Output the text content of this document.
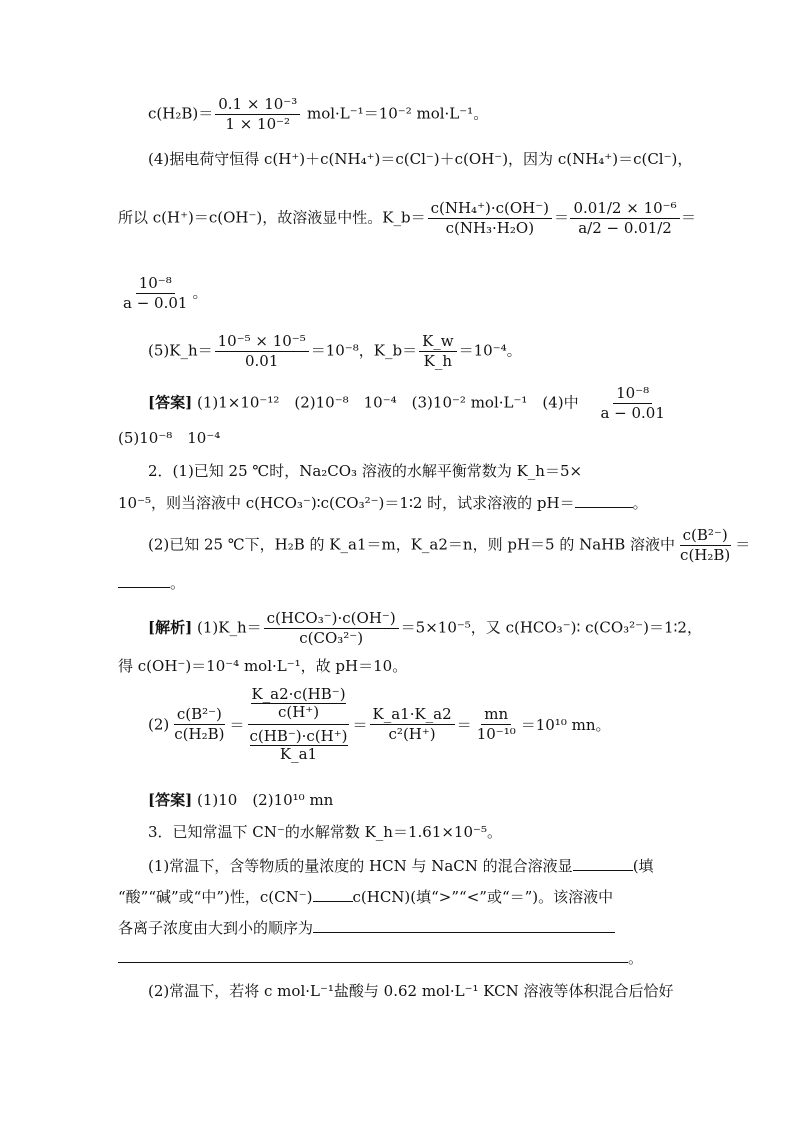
$c(H_2B)= \frac{\text{0.1 × 10⁻³}}{\text{1 × 10⁻²}} mol\cdot L^{-1}=10^{-2}$ mol·L⁻¹。
(4)据电荷守恒得 c(H⁺)＋c(NH₄⁺)＝c(Cl⁻)＋c(OH⁻)，因为 c(NH₄⁺)＝c(Cl⁻)，
所以 c(H⁺)＝c(OH⁻)，故溶液显中性。K_b＝ $\frac{\text{c(NH₄⁺)·c(OH⁻)}}{\text{c(NH₃·H₂O)}} = \frac{\text{0.01/2 × 10⁻⁶}}{a/2 - 0.01/2}$ ＝
$\frac{\text{10⁻⁸}}{a - 0.01}$ 。
(5)K_h＝ $\frac{\text{10⁻⁵ × 10⁻⁵}}{0.01} =10^{-8}$，K_b＝ $\frac{K\_w}{K\_h} =10^{-4}$。
[答案] (1)1×10⁻¹²　(2)10⁻⁸　10⁻⁴　(3)10⁻² mol·L⁻¹　(4)中 $\frac{\text{10⁻⁸}}{a - 0.01}$
(5)10⁻⁸　10⁻⁴
2．(1)已知 25 ℃时，Na₂CO₃ 溶液的水解平衡常数为 K_h＝5×
10⁻⁵，则当溶液中 c(HCO₃⁻)∶c(CO₃²⁻)＝1∶2 时，试求溶液的 pH＝	。
(2)已知 25 ℃下，H₂B 的 K_a1＝m，K_a2＝n，则 pH＝5 的 NaHB 溶液中 $\frac{\text{c(B²⁻)}}{\text{c(H₂B)}}$ ＝
。
[解析] (1)K_h＝ $\frac{\text{c(HCO₃⁻)·c(OH⁻)}}{\text{c(CO₃²⁻)}} =5\times 10^{-5}$，又 c(HCO₃⁻)∶ c(CO₃²⁻)＝1∶2，
得 c(OH⁻)＝10⁻⁴ mol·L⁻¹，故 pH＝10。
$(2) \frac{\text{c(B²⁻)}}{\text{c(H₂B)}}$ ＝ K_a2·c(HB⁻)
c(H⁺)
c(HB⁻)·c(H⁺)
K_a1 ＝ $\frac{K\_a1\cdot K\_a2}{\text{c²(H⁺)}} = \frac{mn}{\text{10⁻¹⁰}} =10^{10}$ mn。
[答案] (1)10　(2)10¹⁰ mn
3．已知常温下 CN⁻的水解常数 K_h＝1.61×10⁻⁵。
(1)常温下，含等物质的量浓度的 HCN 与 NaCN 的混合溶液显	(填
“酸”“碱”或“中”)性，c(CN⁻)	c(HCN)(填“>”“<”或“＝”)。该溶液中
各离子浓度由大到小的顺序为
。
(2)常温下，若将 c mol·L⁻¹盐酸与 0.62 mol·L⁻¹ KCN 溶液等体积混合后恰好
